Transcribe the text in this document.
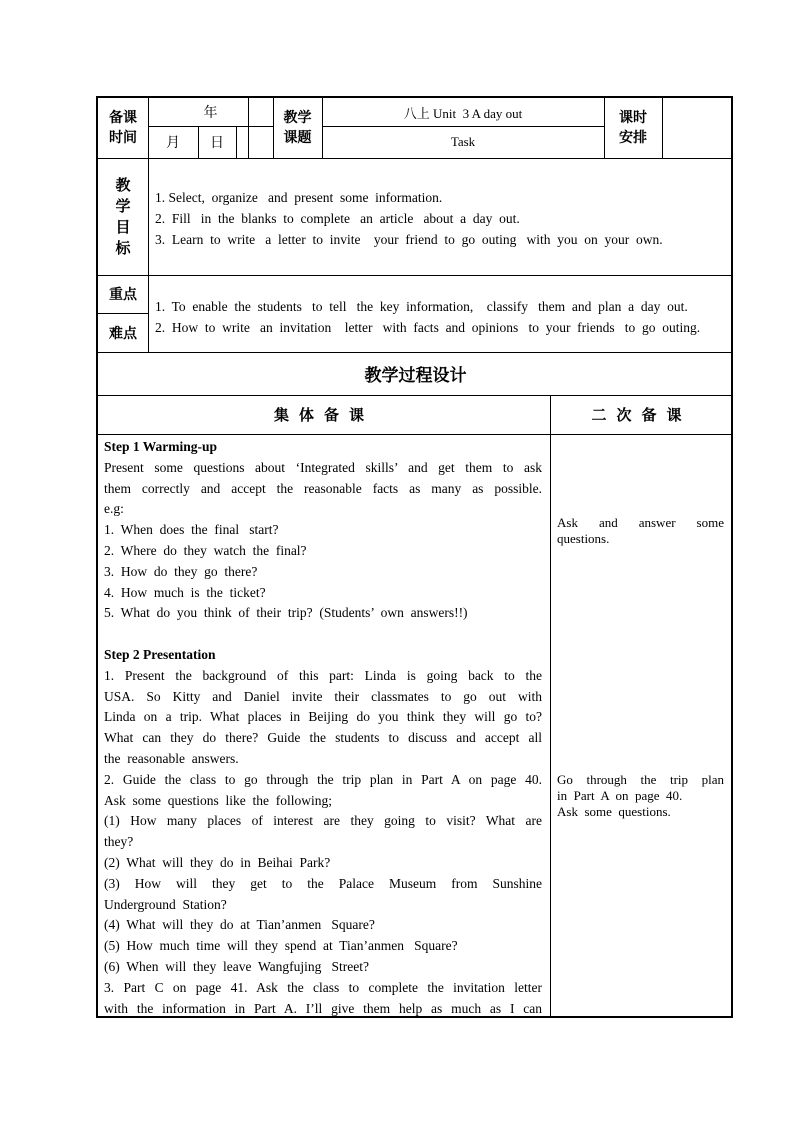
备课
时间
年
月	日
教学
课题
八上 Unit  3 A day out
Task
课时
安排
教
学
目
标
1. Select,  organize   and  present  some  information.
2.  Fill   in  the  blanks  to  complete   an  article   about  a  day  out.
3.  Learn  to  write   a  letter  to  invite    your  friend  to  go  outing   with  you  on  your  own.
重点
难点
1.  To  enable  the  students   to  tell   the  key  information,    classify   them  and  plan  a  day  out.
2.  How  to  write   an  invitation    letter   with  facts  and  opinions   to  your  friends   to  go  outing.
教学过程设计
集体备课	二次备课
Step 1 Warming-up
Present some questions about ‘Integrated skills’ and get them to ask
them correctly and accept the reasonable facts as many as possible.
e.g:
1.  When  does  the  final   start?
2.  Where  do  they  watch  the  final?
3.  How  do  they  go  there?
4.  How  much  is  the  ticket?
5.  What  do  you  think  of  their  trip?  (Students’  own  answers!!)
Step 2 Presentation
1. Present the background of this part: Linda is going back to the
USA. So Kitty and Daniel invite their classmates to go out with
Linda on a trip. What places in Beijing do you think they will go to?
What can they do there? Guide the students to discuss and accept all
the  reasonable  answers.
2. Guide the class to go through the trip plan in Part A on page 40.
Ask  some  questions  like  the  following;
(1) How many places of interest are they going to visit? What are
they?
(2)  What  will  they  do  in  Beihai  Park?
(3) How will they get to the Palace Museum from Sunshine
Underground  Station?
(4)  What  will  they  do  at  Tian’anmen   Square?
(5)  How  much  time  will  they  spend  at  Tian’anmen   Square?
(6)  When  will  they  leave  Wangfujing   Street?
3. Part C on page 41. Ask the class to complete the invitation letter
with the information in Part A. I’ll give them help as much as I can
Ask and answer some
questions.
Go through the trip plan
in  Part  A  on  page  40.
Ask  some  questions.
